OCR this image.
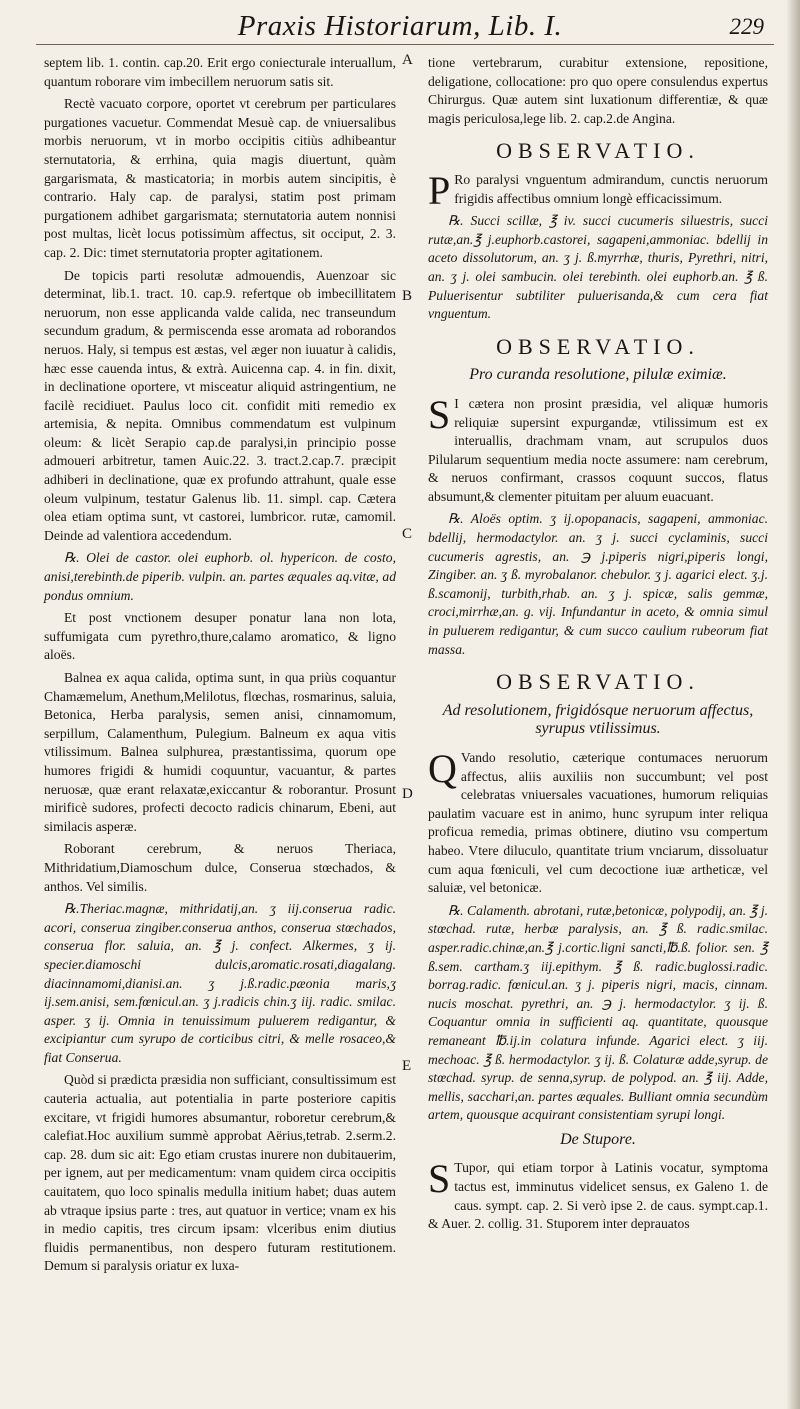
Praxis Historiarum, Lib. I.	229
A
B
C
D
E

septem lib. 1. contin. cap.20. Erit ergo coniecturale interuallum, quantum roborare vim imbecillem neruorum satis sit.

Rectè vacuato corpore, oportet vt cerebrum per particulares purgationes vacuetur. Commendat Mesuè cap. de vniuersalibus morbis neruorum, vt in morbo occipitis citiùs adhibeantur sternutatoria, & errhina, quia magis diuertunt, quàm gargarismata, & masticatoria; in morbis autem sincipitis, è contrario. Haly cap. de paralysi, statim post primam purgationem adhibet gargarismata; sternutatoria autem nonnisi post multas, licèt locus potissimùm affectus, sit occiput, 2. 3. cap. 2. Dic: timet sternutatoria propter agitationem.

De topicis parti resolutæ admouendis, Auenzoar sic determinat, lib.1. tract. 10. cap.9. refertque ob imbecillitatem neruorum, non esse applicanda valde calida, nec transeundum secundum gradum, & permiscenda esse aromata ad roborandos neruos. Haly, si tempus est æstas, vel æger non iuuatur à calidis, hæc esse cauenda intus, & extrà. Auicenna cap. 4. in fin. dixit, in declinatione oportere, vt misceatur aliquid astringentium, ne facilè recidiuet. Paulus loco cit. confidit miti remedio ex artemisia, & nepita. Omnibus commendatum est vulpinum oleum: & licèt Serapio cap.de paralysi,in principio posse admoueri arbitretur, tamen Auic.22. 3. tract.2.cap.7. præcipit adhiberi in declinatione, quæ ex profundo attrahunt, quale esse oleum vulpinum, testatur Galenus lib. 11. simpl. cap. Cætera olea etiam optima sunt, vt castorei, lumbricor. rutæ, camomil. Deinde ad valentiora accedendum.

℞. Olei de castor. olei euphorb. ol. hypericon. de costo, anisi,terebinth.de piperib. vulpin. an. partes æquales aq.vitæ, ad pondus omnium.

Et post vnctionem desuper ponatur lana non lota, suffumigata cum pyrethro,thure,calamo aromatico, & ligno aloës.

Balnea ex aqua calida, optima sunt, in qua priùs coquantur Chamæmelum, Anethum,Melilotus, flœchas, rosmarinus, saluia, Betonica, Herba paralysis, semen anisi, cinnamomum, serpillum, Calamenthum, Pulegium. Balneum ex aqua vitis vtilissimum. Balnea sulphurea, præstantissima, quorum ope humores frigidi & humidi coquuntur, vacuantur, & partes neruosæ, quæ erant relaxatæ,exiccantur & roborantur. Prosunt mirificè sudores, profecti decocto radicis chinarum, Ebeni, aut similacis asperæ.

Roborant cerebrum, & neruos Theriaca, Mithridatium,Diamoschum dulce, Conserua stœchados, & anthos. Vel similis.

℞.Theriac.magnæ, mithridatij,an. ʒ iij.conserua radic. acori, conserua zingiber.conserua anthos, conserua stœchados, conserua flor. saluia, an. ℥ j. confect. Alkermes, ʒ ij. specier.diamoschi dulcis,aromatic.rosati,diagalang. diacinnamomi,dianisi.an. ʒ j.ß.radic.pæonia maris,ʒ ij.sem.anisi, sem.fœnicul.an. ʒ j.radicis chin.ʒ iij. radic. smilac. asper. ʒ ij. Omnia in tenuissimum puluerem redigantur, & excipiantur cum syrupo de corticibus citri, & melle rosaceo,& fiat Conserua.

Quòd si prædicta præsidia non sufficiant, consultissimum est cauteria actualia, aut potentialia in parte posteriore capitis excitare, vt frigidi humores absumantur, roboretur cerebrum,& calefiat.Hoc auxilium summè approbat Aërius,tetrab. 2.serm.2. cap. 28. dum sic ait: Ego etiam crustas inurere non dubitauerim, per ignem, aut per medicamentum: vnam quidem circa occipitis cauitatem, quo loco spinalis medulla initium habet; duas autem ab vtraque ipsius parte : tres, aut quatuor in vertice; vnam ex his in medio capitis, tres circum ipsam: vlceribus enim diutius fluidis permanentibus, non despero futuram restitutionem. Demum si paralysis oriatur ex luxa-

tione vertebrarum, curabitur extensione, repositione, deligatione, collocatione: pro quo opere consulendus expertus Chirurgus. Quæ autem sint luxationum differentiæ, & quæ magis periculosa,lege lib. 2. cap.2.de Angina.

OBSERVATIO.

P Ro paralysi vnguentum admirandum, cunctis neruorum frigidis affectibus omnium longè efficacissimum.

℞. Succi scillæ, ℥ iv. succi cucumeris siluestris, succi rutæ,an.℥ j.euphorb.castorei, sagapeni,ammoniac. bdellij in aceto dissolutorum, an. ʒ j. ß.myrrhæ, thuris, Pyrethri, nitri, an. ʒ j. olei sambucin. olei terebinth. olei euphorb.an. ℥ ß. Puluerisentur subtiliter puluerisanda,& cum cera fiat vnguentum.

OBSERVATIO.
Pro curanda resolutione, pilulæ eximiæ.

S I cætera non prosint præsidia, vel aliquæ humoris reliquiæ supersint expurgandæ, vtilissimum est ex interuallis, drachmam vnam, aut scrupulos duos Pilularum sequentium media nocte assumere: nam cerebrum, & neruos confirmant, crassos coquunt succos, flatus absumunt,& clementer pituitam per aluum euacuant.

℞. Aloës optim. ʒ ij.opopanacis, sagapeni, ammoniac. bdellij, hermodactylor. an. ʒ j. succi cyclaminis, succi cucumeris agrestis, an. ℈ j.piperis nigri,piperis longi, Zingiber. an. ʒ ß. myrobalanor. chebulor. ʒ j. agarici elect. ʒ.j. ß.scamonij, turbith,rhab. an. ʒ j. spicæ, salis gemmæ, croci,mirrhæ,an. g. vij. Infundantur in aceto, & omnia simul in puluerem redigantur, & cum succo caulium rubeorum fiat massa.

OBSERVATIO.
Ad resolutionem, frigidósque neruorum affectus, syrupus vtilissimus.

Q Vando resolutio, cæterique contumaces neruorum affectus, aliis auxiliis non succumbunt; vel post celebratas vniuersales vacuationes, humorum reliquias paulatim vacuare est in animo, hunc syrupum inter reliqua proficua remedia, primas obtinere, diutino vsu compertum habeo. Vtere diluculo, quantitate trium vnciarum, dissoluatur cum aqua fœniculi, vel cum decoctione iuæ artheticæ, vel saluiæ, vel betonicæ.

℞. Calamenth. abrotani, rutæ,betonicæ, polypodij, an. ℥ j. stœchad. rutæ, herbæ paralysis, an. ℥ ß. radic.smilac. asper.radic.chinæ,an.℥ j.cortic.ligni sancti,℔.ß. folior. sen. ℥ ß.sem. cartham.ʒ iij.epithym. ℥ ß. radic.buglossi.radic. borrag.radic. fœnicul.an. ʒ j. piperis nigri, macis, cinnam. nucis moschat. pyrethri, an. ℈ j. hermodactylor. ʒ ij. ß. Coquantur omnia in sufficienti aq. quantitate, quousque remaneant ℔.ij.in colatura infunde. Agarici elect. ʒ iij. mechoac. ℥ ß. hermodactylor. ʒ ij. ß. Colaturæ adde,syrup. de stœchad. syrup. de senna,syrup. de polypod. an. ℥ iij. Adde, mellis, sacchari,an. partes æquales. Bulliant omnia secundùm artem, quousque acquirant consistentiam syrupi longi.

De Stupore.

S Tupor, qui etiam torpor à Latinis vocatur, symptoma tactus est, imminutus videlicet sensus, ex Galeno 1. de caus. sympt. cap. 2. Si verò ipse 2. de caus. sympt.cap.1. & Auer. 2. collig. 31. Stuporem inter deprauatos
